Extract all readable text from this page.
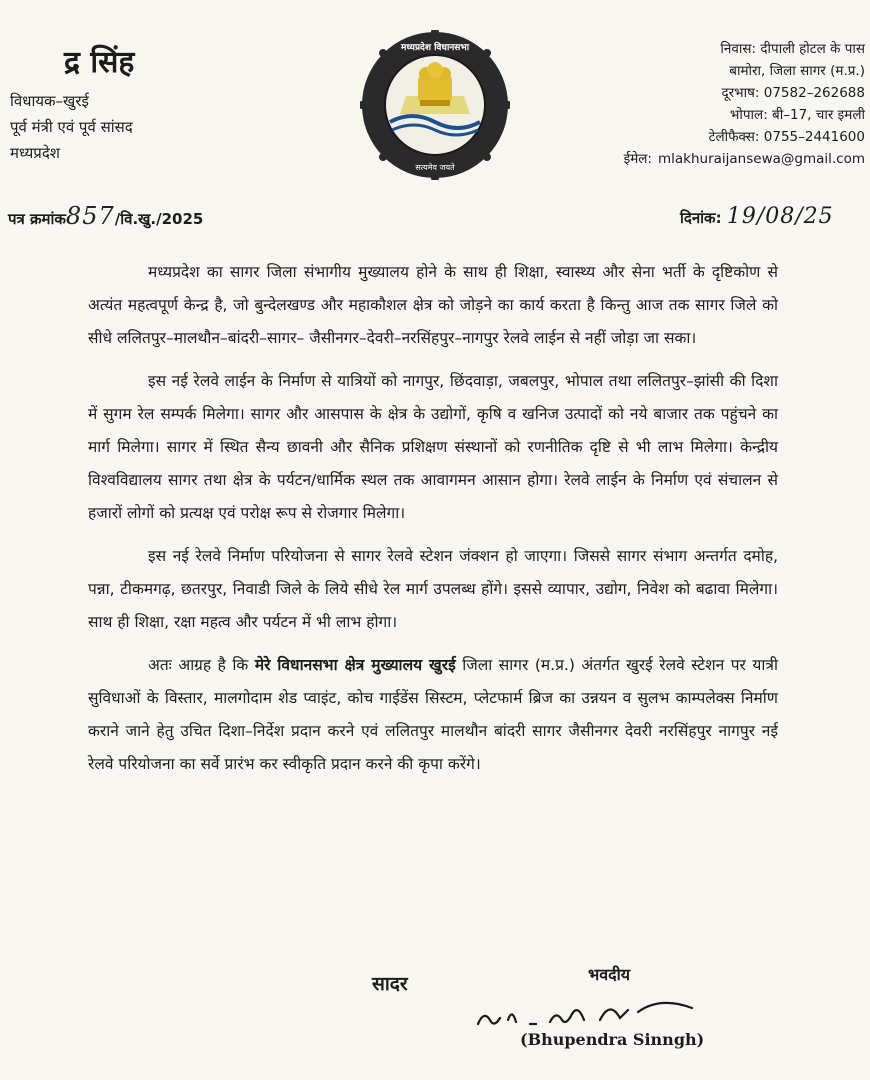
द्र सिंह
विधायक–खुरई
पूर्व मंत्री एवं पूर्व सांसद
मध्यप्रदेश
मध्यप्रदेश विधानसभा
सत्यमेव जयते
निवास: दीपाली होटल के पास
बामोरा, जिला सागर (म.प्र.)
दूरभाष: 07582–262688
भोपाल: बी–17, चार इमली
टेलीफैक्स: 0755–2441600
ईमेल: mlakhuraijansewa@gmail.com
पत्र क्रमांक857/वि.खु./2025	दिनांक: 19/08/25

मध्यप्रदेश का सागर जिला संभागीय मुख्यालय होने के साथ ही शिक्षा, स्वास्थ्य और सेना भर्ती के दृष्टिकोण से अत्यंत महत्वपूर्ण केन्द्र है, जो बुन्देलखण्ड और महाकौशल क्षेत्र को जोड़ने का कार्य करता है किन्तु आज तक सागर जिले को सीधे ललितपुर–मालथौन–बांदरी–सागर– जैसीनगर–देवरी–नरसिंहपुर–नागपुर रेलवे लाईन से नहीं जोड़ा जा सका।

इस नई रेलवे लाईन के निर्माण से यात्रियों को नागपुर, छिंदवाड़ा, जबलपुर, भोपाल तथा ललितपुर–झांसी की दिशा में सुगम रेल सम्पर्क मिलेगा। सागर और आसपास के क्षेत्र के उद्योगों, कृषि व खनिज उत्पादों को नये बाजार तक पहुंचने का मार्ग मिलेगा। सागर में स्थित सैन्य छावनी और सैनिक प्रशिक्षण संस्थानों को रणनीतिक दृष्टि से भी लाभ मिलेगा। केन्द्रीय विश्वविद्यालय सागर तथा क्षेत्र के पर्यटन/धार्मिक स्थल तक आवागमन आसान होगा। रेलवे लाईन के निर्माण एवं संचालन से हजारों लोगों को प्रत्यक्ष एवं परोक्ष रूप से रोजगार मिलेगा।

इस नई रेलवे निर्माण परियोजना से सागर रेलवे स्टेशन जंक्शन हो जाएगा। जिससे सागर संभाग अन्तर्गत दमोह, पन्ना, टीकमगढ़, छतरपुर, निवाडी जिले के लिये सीधे रेल मार्ग उपलब्ध होंगे। इससे व्यापार, उद्योग, निवेश को बढावा मिलेगा। साथ ही शिक्षा, रक्षा महत्व और पर्यटन में भी लाभ होगा।

अतः आग्रह है कि मेरे विधानसभा क्षेत्र मुख्यालय खुरई जिला सागर (म.प्र.) अंतर्गत खुरई रेलवे स्टेशन पर यात्री सुविधाओं के विस्तार, मालगोदाम शेड प्वाइंट, कोच गाईडेंस सिस्टम, प्लेटफार्म ब्रिज का उन्नयन व सुलभ काम्पलेक्स निर्माण कराने जाने हेतु उचित दिशा–निर्देश प्रदान करने एवं ललितपुर मालथौन बांदरी सागर जैसीनगर देवरी नरसिंहपुर नागपुर नई रेलवे परियोजना का सर्वे प्रारंभ कर स्वीकृति प्रदान करने की कृपा करेंगे।

सादर	भवदीय
(Bhupendra Sinngh)
